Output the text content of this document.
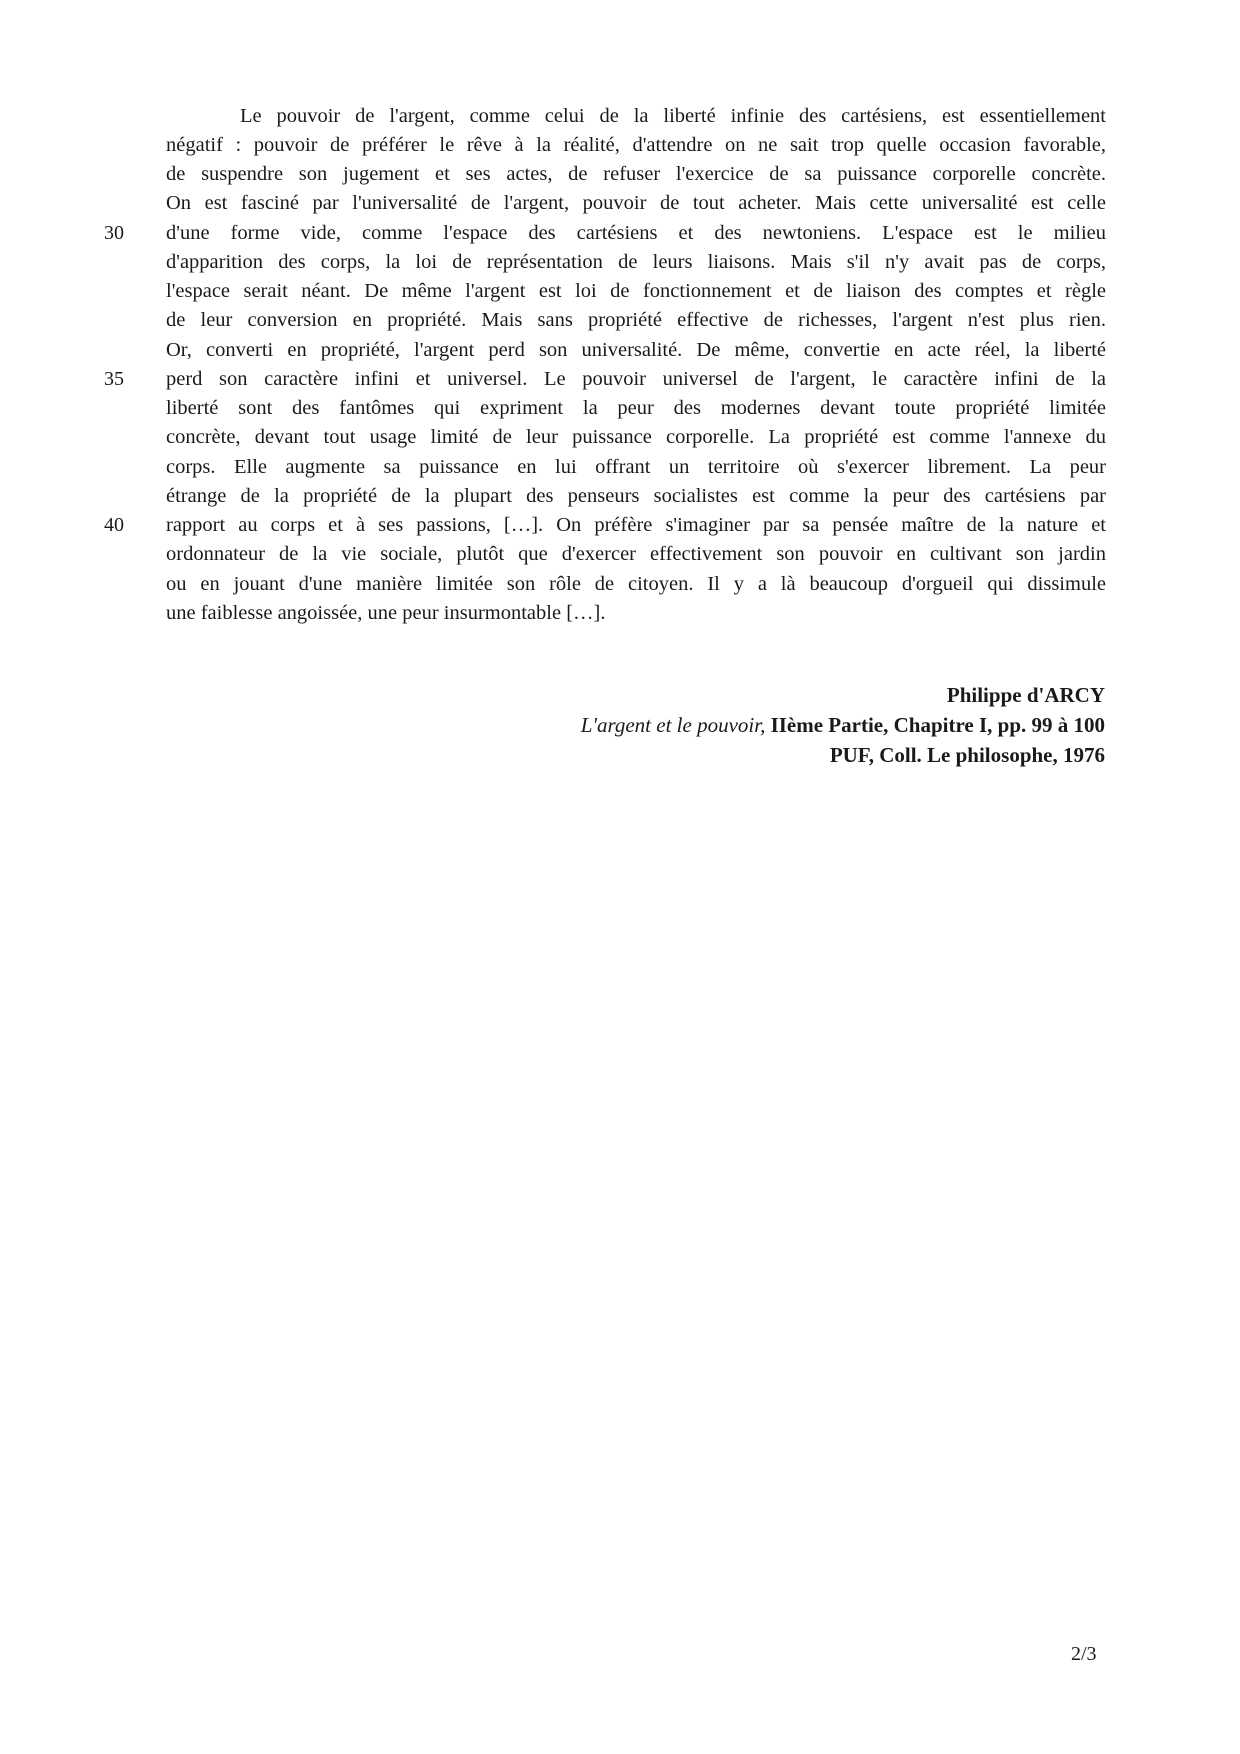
30
35
40
Le pouvoir de l'argent, comme celui de la liberté infinie des cartésiens, est essentiellement
négatif : pouvoir de préférer le rêve à la réalité, d'attendre on ne sait trop quelle occasion favorable,
de suspendre son jugement et ses actes, de refuser l'exercice de sa puissance corporelle concrète.
On est fasciné par l'universalité de l'argent, pouvoir de tout acheter. Mais cette universalité est celle
d'une forme vide, comme l'espace des cartésiens et des newtoniens. L'espace est le milieu
d'apparition des corps, la loi de représentation de leurs liaisons. Mais s'il n'y avait pas de corps,
l'espace serait néant. De même l'argent est loi de fonctionnement et de liaison des comptes et règle
de leur conversion en propriété. Mais sans propriété effective de richesses, l'argent n'est plus rien.
Or, converti en propriété, l'argent perd son universalité. De même, convertie en acte réel, la liberté
perd son caractère infini et universel. Le pouvoir universel de l'argent, le caractère infini de la
liberté sont des fantômes qui expriment la peur des modernes devant toute propriété limitée
concrète, devant tout usage limité de leur puissance corporelle. La propriété est comme l'annexe du
corps. Elle augmente sa puissance en lui offrant un territoire où s'exercer librement. La peur
étrange de la propriété de la plupart des penseurs socialistes est comme la peur des cartésiens par
rapport au corps et à ses passions, […]. On préfère s'imaginer par sa pensée maître de la nature et
ordonnateur de la vie sociale, plutôt que d'exercer effectivement son pouvoir en cultivant son jardin
ou en jouant d'une manière limitée son rôle de citoyen. Il y a là beaucoup d'orgueil qui dissimule
une faiblesse angoissée, une peur insurmontable […].
Philippe d'ARCY
L'argent et le pouvoir, IIème Partie, Chapitre I, pp. 99 à 100
PUF, Coll. Le philosophe, 1976
2/3
